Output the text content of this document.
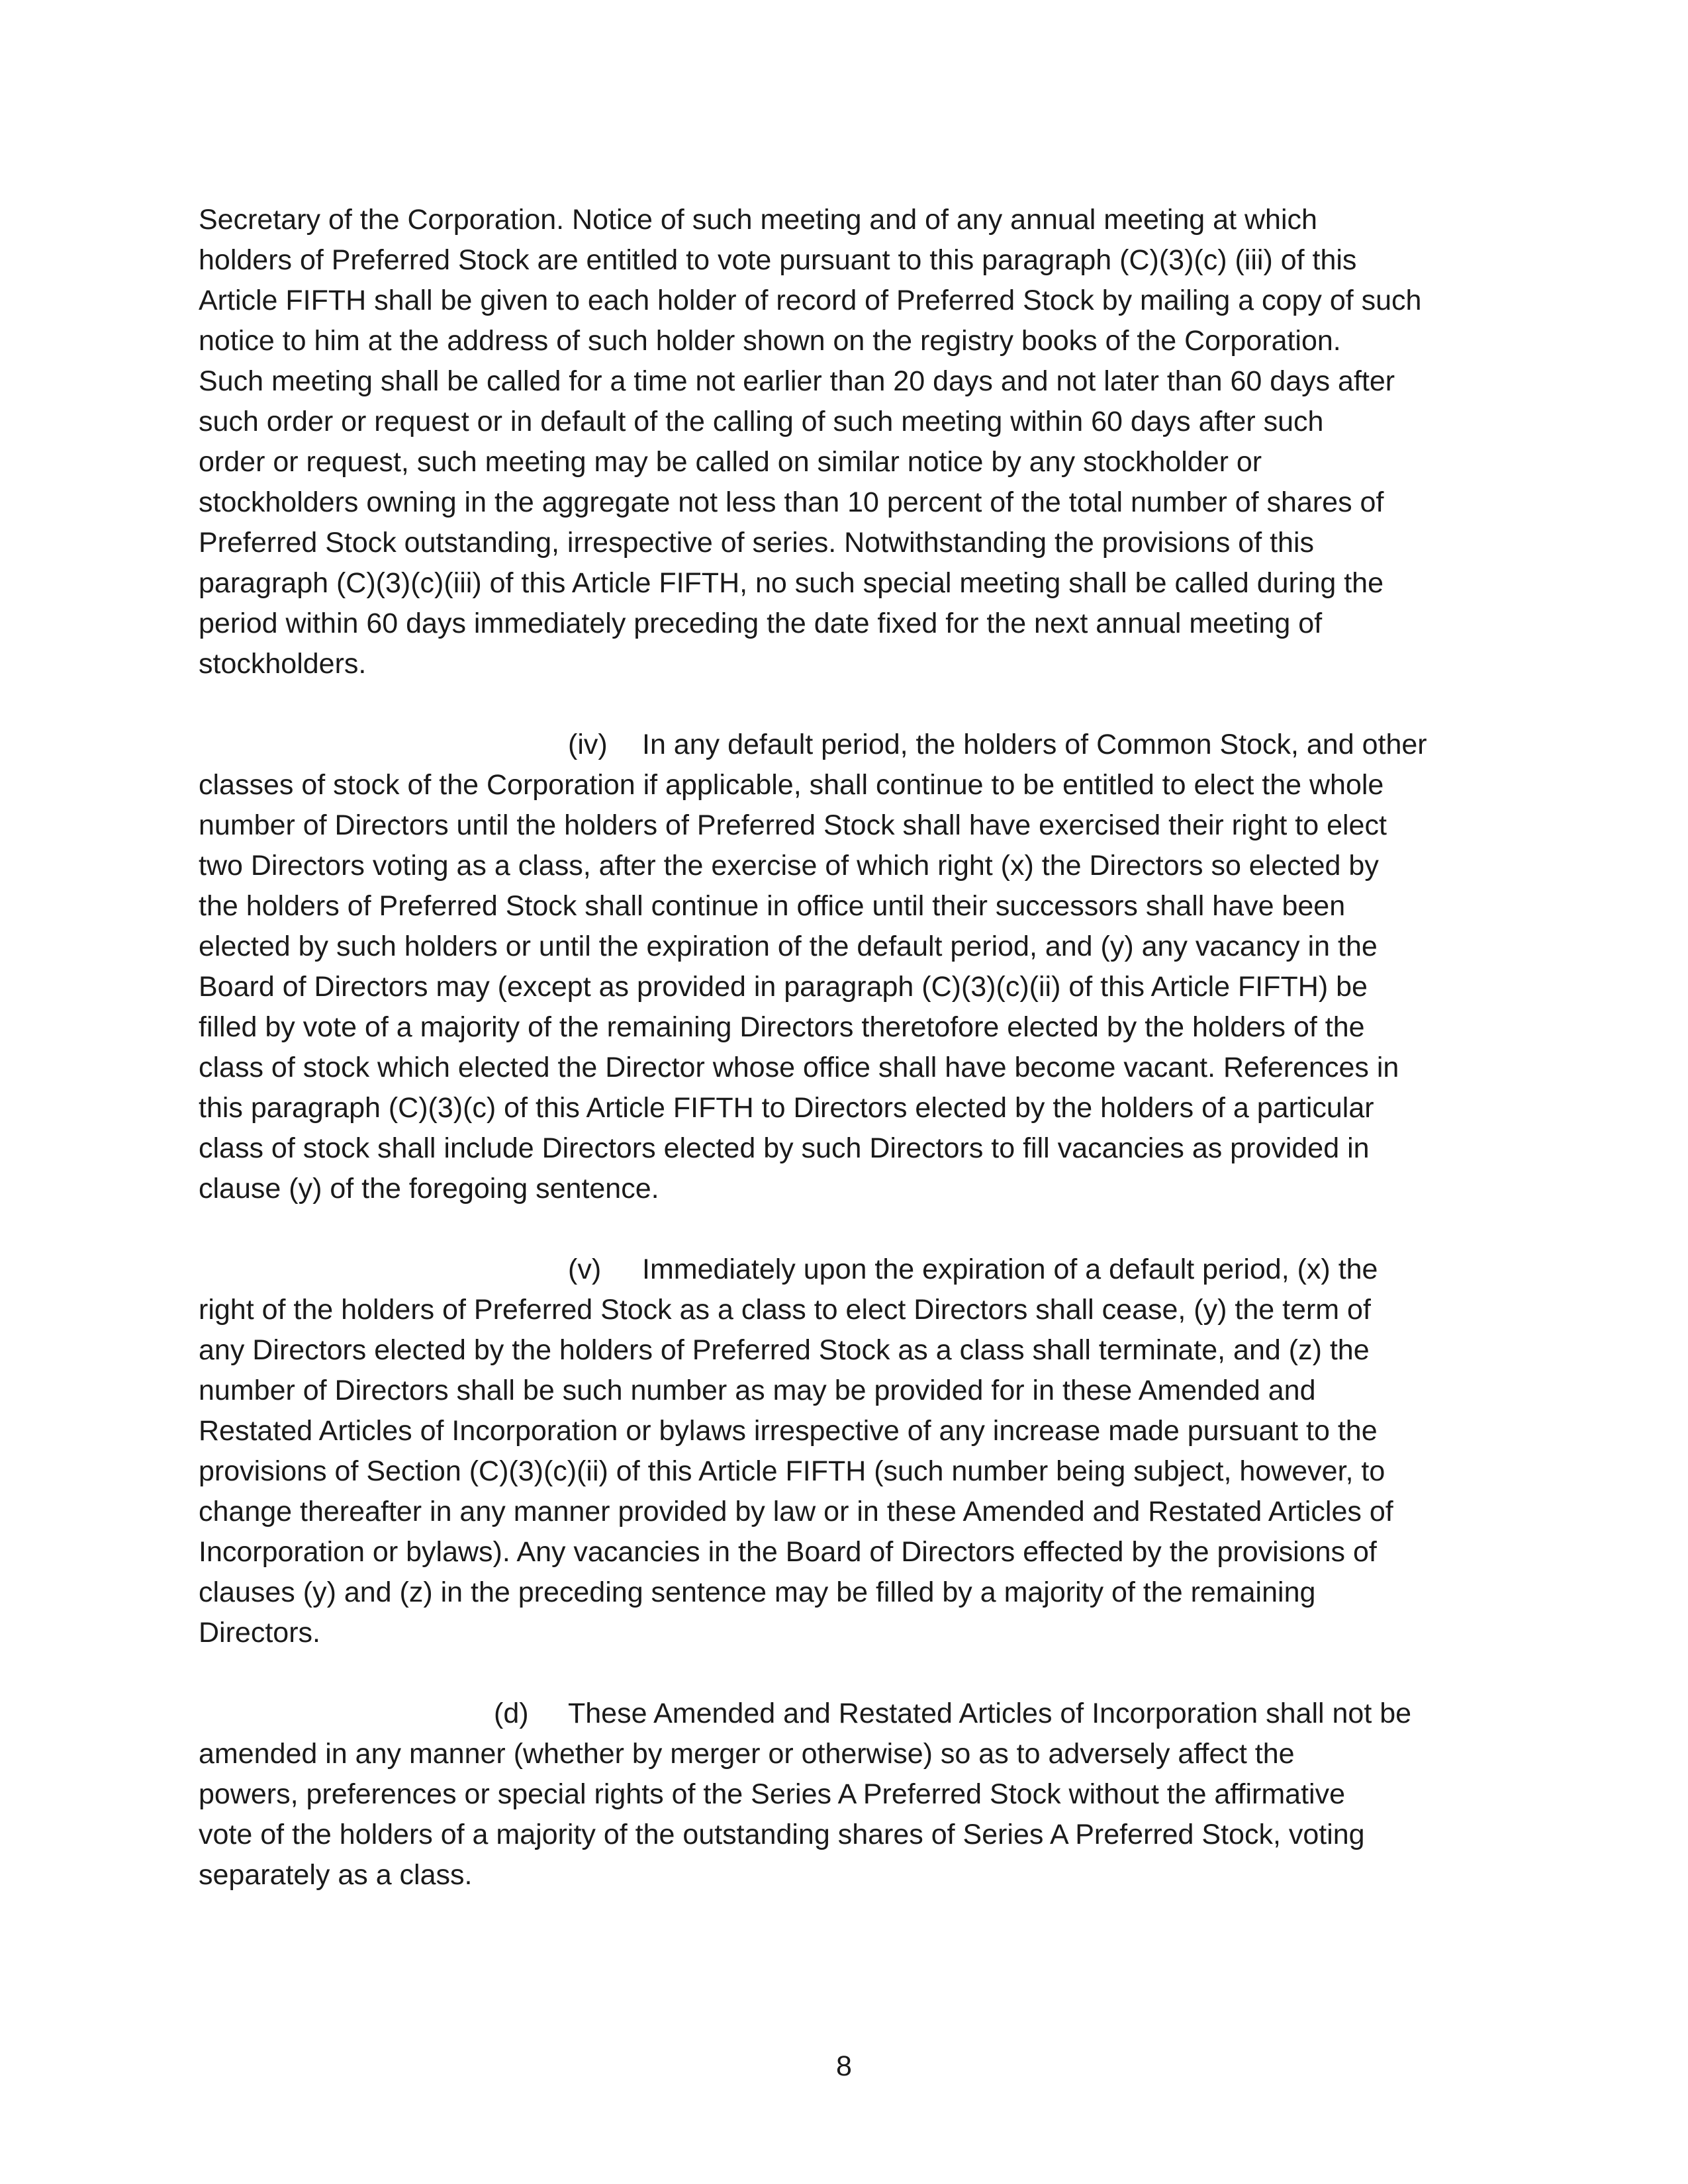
Secretary of the Corporation. Notice of such meeting and of any annual meeting at which
holders of Preferred Stock are entitled to vote pursuant to this paragraph (C)(3)(c) (iii) of this
Article FIFTH shall be given to each holder of record of Preferred Stock by mailing a copy of such
notice to him at the address of such holder shown on the registry books of the Corporation.
Such meeting shall be called for a time not earlier than 20 days and not later than 60 days after
such order or request or in default of the calling of such meeting within 60 days after such
order or request, such meeting may be called on similar notice by any stockholder or
stockholders owning in the aggregate not less than 10 percent of the total number of shares of
Preferred Stock outstanding, irrespective of series. Notwithstanding the provisions of this
paragraph (C)(3)(c)(iii) of this Article FIFTH, no such special meeting shall be called during the
period within 60 days immediately preceding the date fixed for the next annual meeting of
stockholders.
(iv) In any default period, the holders of Common Stock, and other
classes of stock of the Corporation if applicable, shall continue to be entitled to elect the whole
number of Directors until the holders of Preferred Stock shall have exercised their right to elect
two Directors voting as a class, after the exercise of which right (x) the Directors so elected by
the holders of Preferred Stock shall continue in office until their successors shall have been
elected by such holders or until the expiration of the default period, and (y) any vacancy in the
Board of Directors may (except as provided in paragraph (C)(3)(c)(ii) of this Article FIFTH) be
filled by vote of a majority of the remaining Directors theretofore elected by the holders of the
class of stock which elected the Director whose office shall have become vacant. References in
this paragraph (C)(3)(c) of this Article FIFTH to Directors elected by the holders of a particular
class of stock shall include Directors elected by such Directors to fill vacancies as provided in
clause (y) of the foregoing sentence.
(v) Immediately upon the expiration of a default period, (x) the
right of the holders of Preferred Stock as a class to elect Directors shall cease, (y) the term of
any Directors elected by the holders of Preferred Stock as a class shall terminate, and (z) the
number of Directors shall be such number as may be provided for in these Amended and
Restated Articles of Incorporation or bylaws irrespective of any increase made pursuant to the
provisions of Section (C)(3)(c)(ii) of this Article FIFTH (such number being subject, however, to
change thereafter in any manner provided by law or in these Amended and Restated Articles of
Incorporation or bylaws). Any vacancies in the Board of Directors effected by the provisions of
clauses (y) and (z) in the preceding sentence may be filled by a majority of the remaining
Directors.
(d) These Amended and Restated Articles of Incorporation shall not be
amended in any manner (whether by merger or otherwise) so as to adversely affect the
powers, preferences or special rights of the Series A Preferred Stock without the affirmative
vote of the holders of a majority of the outstanding shares of Series A Preferred Stock, voting
separately as a class.
8
